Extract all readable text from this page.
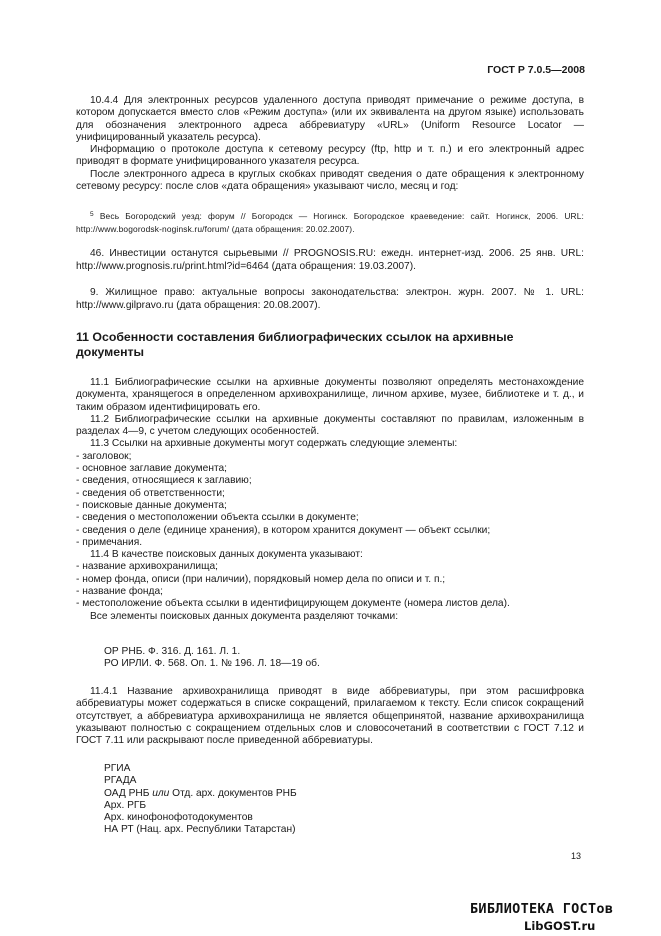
ГОСТ Р 7.0.5—2008

10.4.4 Для электронных ресурсов удаленного доступа приводят примечание о режиме доступа, в котором допускается вместо слов «Режим доступа» (или их эквивалента на другом языке) использовать для обозначения электронного адреса аббревиатуру «URL» (Uniform Resource Locator — унифицированный указатель ресурса).

Информацию о протоколе доступа к сетевому ресурсу (ftp, http и т. п.) и его электронный адрес приводят в формате унифицированного указателя ресурса.

После электронного адреса в круглых скобках приводят сведения о дате обращения к электронному сетевому ресурсу: после слов «дата обращения» указывают число, месяц и год:

$^5$ Весь Богородский уезд: форум // Богородск — Ногинск. Богородское краеведение: сайт. Ногинск, 2006. URL: http://www.bogorodsk-noginsk.ru/forum/ (дата обращения: 20.02.2007).

46. Инвестиции останутся сырьевыми // PROGNOSIS.RU: ежедн. интернет-изд. 2006. 25 янв. URL: http://www.prognosis.ru/print.html?id=6464 (дата обращения: 19.03.2007).

9. Жилищное право: актуальные вопросы законодательства: электрон. журн. 2007. № 1. URL: http://www.gilpravo.ru (дата обращения: 20.08.2007).

11 Особенности составления библиографических ссылок на архивные документы

11.1 Библиографические ссылки на архивные документы позволяют определять местонахождение документа, хранящегося в определенном архивохранилище, личном архиве, музее, библиотеке и т. д., и таким образом идентифицировать его.

11.2 Библиографические ссылки на архивные документы составляют по правилам, изложенным в разделах 4—9, с учетом следующих особенностей.

11.3 Ссылки на архивные документы могут содержать следующие элементы:

- заголовок;
- основное заглавие документа;
- сведения, относящиеся к заглавию;
- сведения об ответственности;
- поисковые данные документа;
- сведения о местоположении объекта ссылки в документе;
- сведения о деле (единице хранения), в котором хранится документ — объект ссылки;
- примечания.

11.4 В качестве поисковых данных документа указывают:

- название архивохранилища;
- номер фонда, описи (при наличии), порядковый номер дела по описи и т. п.;
- название фонда;
- местоположение объекта ссылки в идентифицирующем документе (номера листов дела).

Все элементы поисковых данных документа разделяют точками:

ОР РНБ. Ф. 316. Д. 161. Л. 1.
РО ИРЛИ. Ф. 568. Оп. 1. № 196. Л. 18—19 об.

11.4.1 Название архивохранилища приводят в виде аббревиатуры, при этом расшифровка аббревиатуры может содержаться в списке сокращений, прилагаемом к тексту. Если список сокращений отсутствует, а аббревиатура архивохранилища не является общепринятой, название архивохранилища указывают полностью с сокращением отдельных слов и словосочетаний в соответствии с ГОСТ 7.12 и ГОСТ 7.11 или раскрывают после приведенной аббревиатуры.

РГИА
РГАДА
ОАД РНБ или Отд. арх. документов РНБ
Арх. РГБ
Арх. кинофонофотодокументов
НА РТ (Нац. арх. Республики Татарстан)
13
БИБЛИОТЕКА ГОСТов
LibGOST.ru
